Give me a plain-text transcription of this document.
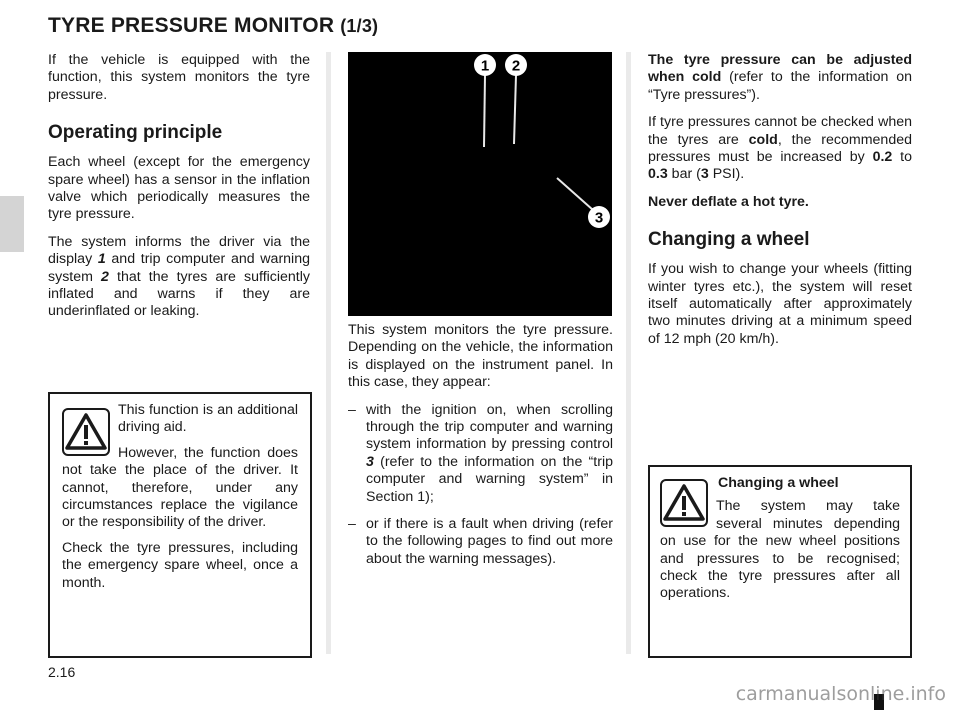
TYRE PRESSURE MONITOR (1/3)

If the vehicle is equipped with the function, this system monitors the tyre pressure.

Operating principle

Each wheel (except for the emergency spare wheel) has a sensor in the inflation valve which periodically measures the tyre pressure.

The system informs the driver via the display 1 and trip computer and warning system 2 that the tyres are sufficiently inflated and warns if they are underinflated or leaking.

This function is an additional driving aid.

However, the function does not take the place of the driver. It cannot, therefore, under any circumstances replace the vigilance or the responsibility of the driver.

Check the tyre pressures, including the emergency spare wheel, once a month.

1 2
3

This system monitors the tyre pressure. Depending on the vehicle, the information is displayed on the instrument panel. In this case, they appear:

– with the ignition on, when scrolling through the trip computer and warning system information by pressing control 3 (refer to the information on the “trip computer and warning system” in Section 1);
– or if there is a fault when driving (refer to the following pages to find out more about the warning messages).

The tyre pressure can be adjusted when cold (refer to the information on “Tyre pressures”).

If tyre pressures cannot be checked when the tyres are cold, the recommended pressures must be increased by 0.2 to 0.3 bar (3 PSI).

Never deflate a hot tyre.

Changing a wheel

If you wish to change your wheels (fitting winter tyres etc.), the system will reset itself automatically after approximately two minutes driving at a minimum speed of 12 mph (20 km/h).

Changing a wheel

The system may take several minutes depending on use for the new wheel positions and pressures to be recognised; check the tyre pressures after all operations.

2.16
carmanualsonline.info
